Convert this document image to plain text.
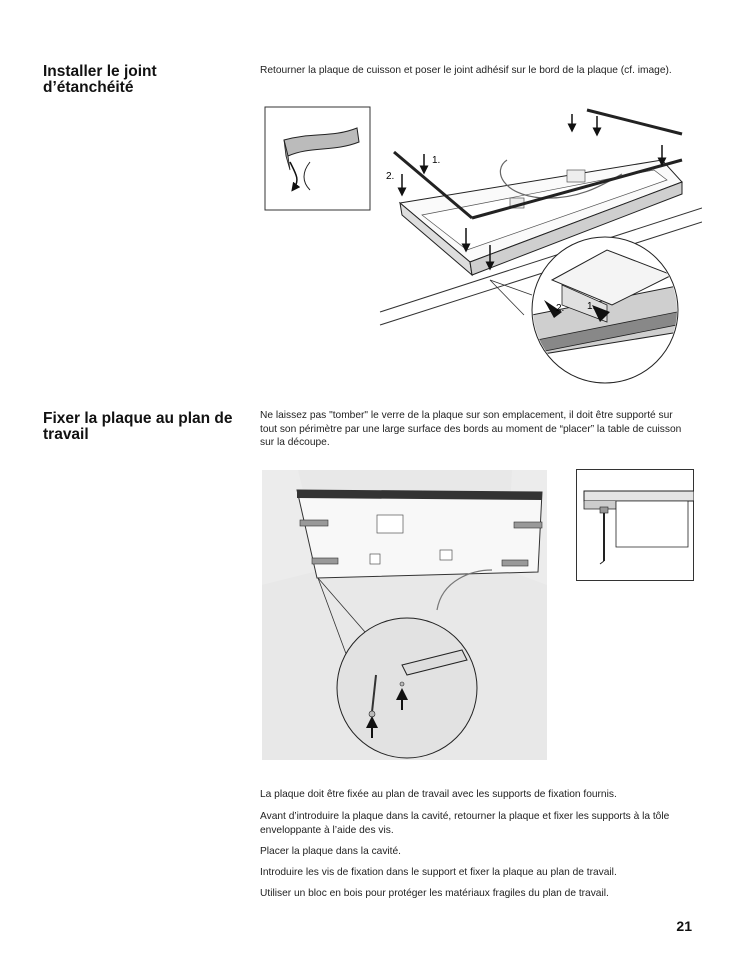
Installer le joint d’étanchéité
Retourner la plaque de cuisson et poser le joint adhésif sur le bord de la plaque (cf. image).
1.
2.
2. 1.
Fixer la plaque au plan de travail
Ne laissez pas "tomber" le verre de la plaque sur son emplacement, il doit être supporté sur tout son périmètre par une large surface des bords au moment de “placer” la table de cuisson sur la découpe.
La plaque doit être fixée au plan de travail avec les supports de fixation fournis.
Avant d’introduire la plaque dans la cavité, retourner la plaque et fixer les supports à la tôle enveloppante à l’aide des vis.
Placer la plaque dans la cavité.
Introduire les vis de fixation dans le support et fixer la plaque au plan de travail.
Utiliser un bloc en bois pour protéger les matériaux fragiles du plan de travail.
21
